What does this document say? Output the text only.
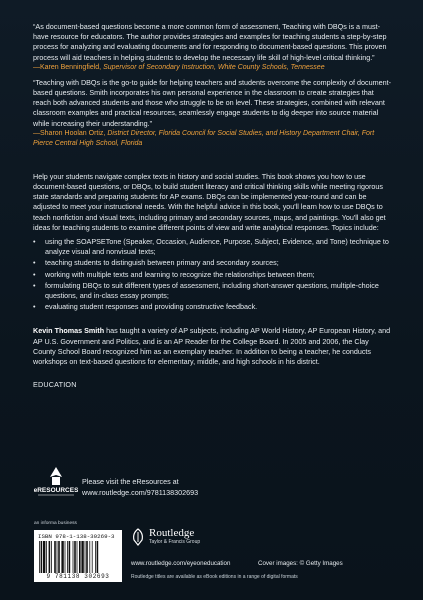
“As document-based questions become a more common form of assessment, Teaching with DBQs is a must-have resource for educators. The author provides strategies and examples for teaching students a step-by-step process for analyzing and evaluating documents and for responding to document-based questions. This proven process will aid teachers in helping students to develop the necessary life skill of high-level critical thinking.”

—Karen Benningfield, Supervisor of Secondary Instruction, White County Schools, Tennessee

“Teaching with DBQs is the go-to guide for helping teachers and students overcome the complexity of document-based questions. Smith incorporates his own personal experience in the classroom to create strategies that reach both advanced students and those who struggle to be on level. These strategies, combined with relevant classroom examples and practical resources, seamlessly engage students to dig deeper into source material while increasing their understanding.”

—Sharon Hoolan Ortiz, District Director, Florida Council for Social Studies, and History Department Chair, Fort Pierce Central High School, Florida

Help your students navigate complex texts in history and social studies. This book shows you how to use document-based questions, or DBQs, to build student literacy and critical thinking skills while meeting rigorous state standards and preparing students for AP exams. DBQs can be implemented year-round and can be adjusted to meet your instructional needs. With the helpful advice in this book, you'll learn how to use DBQs to teach nonfiction and visual texts, including primary and secondary sources, maps, and paintings. You'll also get ideas for teaching students to examine different points of view and write analytical responses. Topics include:

• using the SOAPSETone (Speaker, Occasion, Audience, Purpose, Subject, Evidence, and Tone) technique to analyze visual and nonvisual texts;
• teaching students to distinguish between primary and secondary sources;
• working with multiple texts and learning to recognize the relationships between them;
• formulating DBQs to suit different types of assessment, including short-answer questions, multiple-choice questions, and in-class essay prompts;
• evaluating student responses and providing constructive feedback.

Kevin Thomas Smith has taught a variety of AP subjects, including AP World History, AP European History, and AP U.S. Government and Politics, and is an AP Reader for the College Board. In 2005 and 2006, the Clay County School Board recognized him as an exemplary teacher. In addition to being a teacher, he conducts workshops on text-based questions for elementary, middle, and high schools in his district.

EDUCATION
eRESOURCES
Please visit the eResources at
www.routledge.com/9781138302693
an informa business
ISBN 978-1-138-30269-3
9 781138 302693
Routledge
Taylor & Francis Group
www.routledge.com/eyeoneducation	Cover images: © Getty Images
Routledge titles are available as eBook editions in a range of digital formats
